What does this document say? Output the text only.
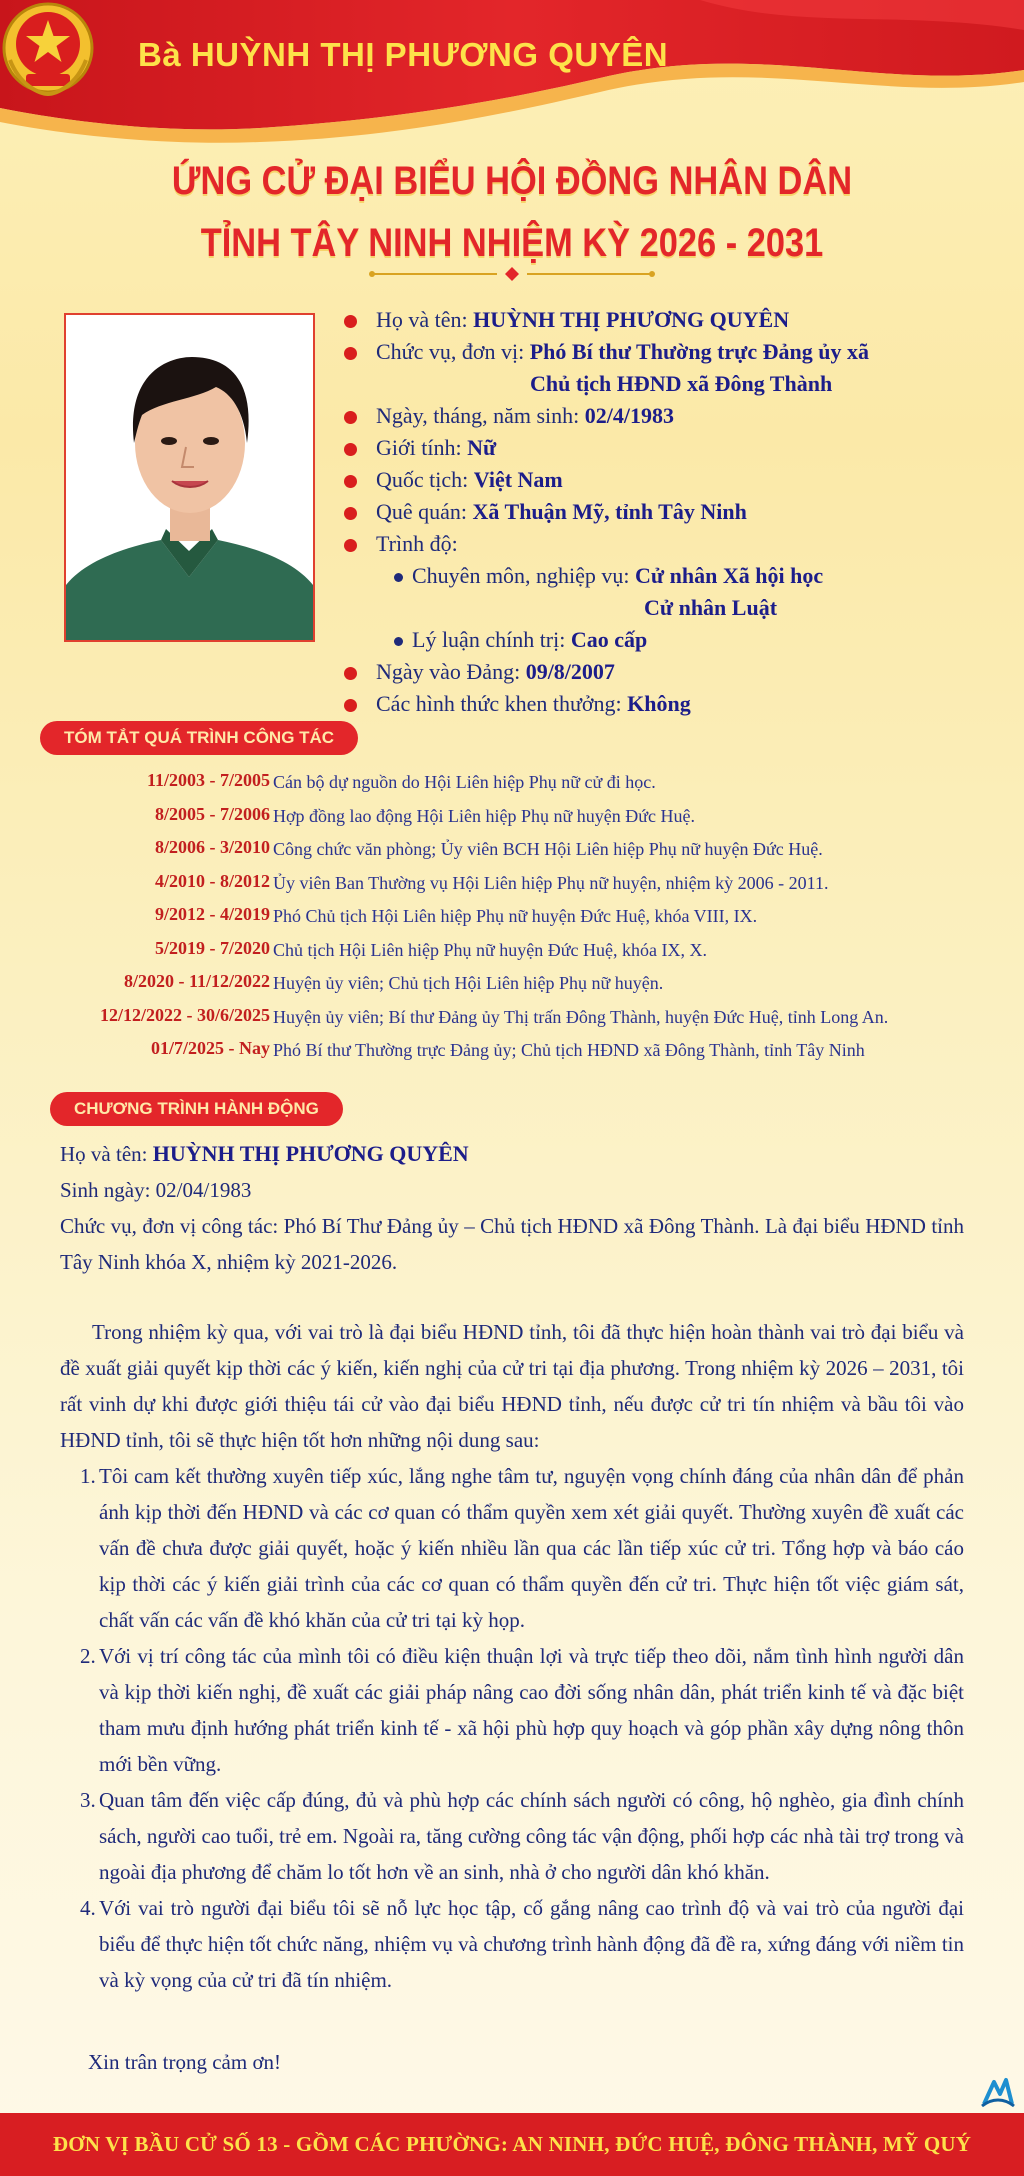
Bà HUỲNH THỊ PHƯƠNG QUYÊN
ỨNG CỬ ĐẠI BIỂU HỘI ĐỒNG NHÂN DÂN
TỈNH TÂY NINH NHIỆM KỲ 2026 - 2031
Họ và tên: HUỲNH THỊ PHƯƠNG QUYÊN
Chức vụ, đơn vị: Phó Bí thư Thường trực Đảng ủy xã
Chủ tịch HĐND xã Đông Thành
Ngày, tháng, năm sinh: 02/4/1983
Giới tính: Nữ
Quốc tịch: Việt Nam
Quê quán: Xã Thuận Mỹ, tỉnh Tây Ninh
Trình độ:
Chuyên môn, nghiệp vụ: Cử nhân Xã hội học
Cử nhân Luật
Lý luận chính trị: Cao cấp
Ngày vào Đảng: 09/8/2007
Các hình thức khen thưởng: Không
TÓM TẮT QUÁ TRÌNH CÔNG TÁC
11/2003 - 7/2005 Cán bộ dự nguồn do Hội Liên hiệp Phụ nữ cử đi học.
8/2005 - 7/2006 Hợp đồng lao động Hội Liên hiệp Phụ nữ huyện Đức Huệ.
8/2006 - 3/2010 Công chức văn phòng; Ủy viên BCH Hội Liên hiệp Phụ nữ huyện Đức Huệ.
4/2010 - 8/2012 Ủy viên Ban Thường vụ Hội Liên hiệp Phụ nữ huyện, nhiệm kỳ 2006 - 2011.
9/2012 - 4/2019 Phó Chủ tịch Hội Liên hiệp Phụ nữ huyện Đức Huệ, khóa VIII, IX.
5/2019 - 7/2020 Chủ tịch Hội Liên hiệp Phụ nữ huyện Đức Huệ, khóa IX, X.
8/2020 - 11/12/2022 Huyện ủy viên; Chủ tịch Hội Liên hiệp Phụ nữ huyện.
12/12/2022 - 30/6/2025 Huyện ủy viên; Bí thư Đảng ủy Thị trấn Đông Thành, huyện Đức Huệ, tỉnh Long An.
01/7/2025 - Nay Phó Bí thư Thường trực Đảng ủy; Chủ tịch HĐND xã Đông Thành, tỉnh Tây Ninh
CHƯƠNG TRÌNH HÀNH ĐỘNG

Họ và tên: HUỲNH THỊ PHƯƠNG QUYÊN

Sinh ngày: 02/04/1983

Chức vụ, đơn vị công tác: Phó Bí Thư Đảng ủy – Chủ tịch HĐND xã Đông Thành. Là đại biểu HĐND tỉnh Tây Ninh khóa X, nhiệm kỳ 2021-2026.

Trong nhiệm kỳ qua, với vai trò là đại biểu HĐND tỉnh, tôi đã thực hiện hoàn thành vai trò đại biểu và đề xuất giải quyết kịp thời các ý kiến, kiến nghị của cử tri tại địa phương. Trong nhiệm kỳ 2026 – 2031, tôi rất vinh dự khi được giới thiệu tái cử vào đại biểu HĐND tỉnh, nếu được cử tri tín nhiệm và bầu tôi vào HĐND tỉnh, tôi sẽ thực hiện tốt hơn những nội dung sau:

1. Tôi cam kết thường xuyên tiếp xúc, lắng nghe tâm tư, nguyện vọng chính đáng của nhân dân để phản ánh kịp thời đến HĐND và các cơ quan có thẩm quyền xem xét giải quyết. Thường xuyên đề xuất các vấn đề chưa được giải quyết, hoặc ý kiến nhiều lần qua các lần tiếp xúc cử tri. Tổng hợp và báo cáo kịp thời các ý kiến giải trình của các cơ quan có thẩm quyền đến cử tri. Thực hiện tốt việc giám sát, chất vấn các vấn đề khó khăn của cử tri tại kỳ họp.
2. Với vị trí công tác của mình tôi có điều kiện thuận lợi và trực tiếp theo dõi, nắm tình hình người dân và kịp thời kiến nghị, đề xuất các giải pháp nâng cao đời sống nhân dân, phát triển kinh tế và đặc biệt tham mưu định hướng phát triển kinh tế - xã hội phù hợp quy hoạch và góp phần xây dựng nông thôn mới bền vững.
3. Quan tâm đến việc cấp đúng, đủ và phù hợp các chính sách người có công, hộ nghèo, gia đình chính sách, người cao tuổi, trẻ em. Ngoài ra, tăng cường công tác vận động, phối hợp các nhà tài trợ trong và ngoài địa phương để chăm lo tốt hơn về an sinh, nhà ở cho người dân khó khăn.
4. Với vai trò người đại biểu tôi sẽ nỗ lực học tập, cố gắng nâng cao trình độ và vai trò của người đại biểu để thực hiện tốt chức năng, nhiệm vụ và chương trình hành động đã đề ra, xứng đáng với niềm tin và kỳ vọng của cử tri đã tín nhiệm.
Xin trân trọng cảm ơn!
ĐƠN VỊ BẦU CỬ SỐ 13 - GỒM CÁC PHƯỜNG: AN NINH, ĐỨC HUỆ, ĐÔNG THÀNH, MỸ QUÝ
